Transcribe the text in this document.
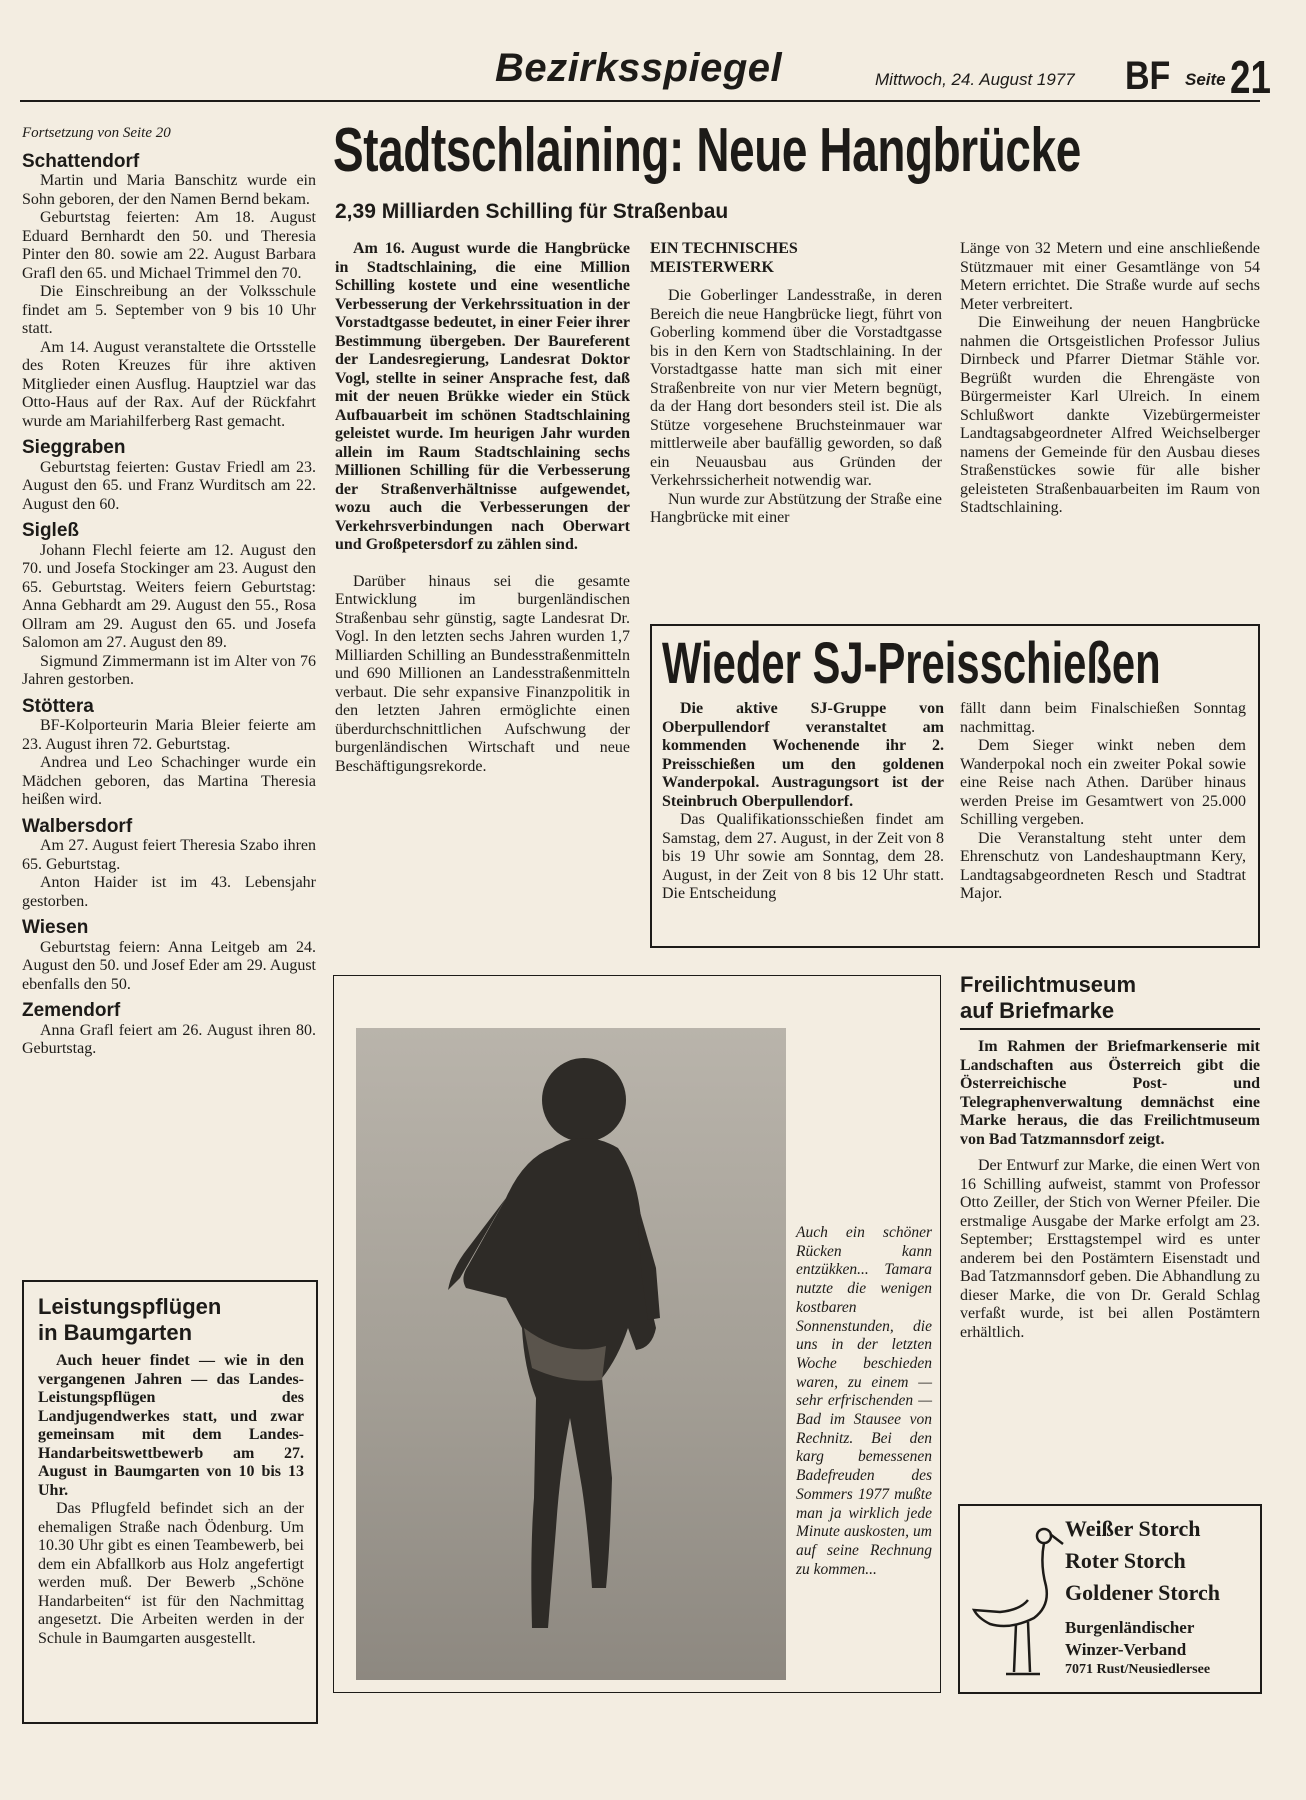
Bezirksspiegel	Mittwoch, 24. August 1977 BF Seite 21
Fortsetzung von Seite 20
Schattendorf

Martin und Maria Banschitz wurde ein Sohn geboren, der den Namen Bernd bekam.

Geburtstag feierten: Am 18. August Eduard Bernhardt den 50. und Theresia Pinter den 80. sowie am 22. August Barbara Grafl den 65. und Michael Trimmel den 70.

Die Einschreibung an der Volksschule findet am 5. September von 9 bis 10 Uhr statt.

Am 14. August veranstaltete die Ortsstelle des Roten Kreuzes für ihre aktiven Mitglieder einen Ausflug. Hauptziel war das Otto-Haus auf der Rax. Auf der Rückfahrt wurde am Mariahilferberg Rast gemacht.

Sieggraben

Geburtstag feierten: Gustav Friedl am 23. August den 65. und Franz Wurditsch am 22. August den 60.

Sigleß

Johann Flechl feierte am 12. August den 70. und Josefa Stockinger am 23. August den 65. Geburtstag. Weiters feiern Geburtstag: Anna Gebhardt am 29. August den 55., Rosa Ollram am 29. August den 65. und Josefa Salomon am 27. August den 89.

Sigmund Zimmermann ist im Alter von 76 Jahren gestorben.

Stöttera

BF-Kolporteurin Maria Bleier feierte am 23. August ihren 72. Geburtstag.

Andrea und Leo Schachinger wurde ein Mädchen geboren, das Martina Theresia heißen wird.

Walbersdorf

Am 27. August feiert Theresia Szabo ihren 65. Geburtstag.

Anton Haider ist im 43. Lebensjahr gestorben.

Wiesen

Geburtstag feiern: Anna Leitgeb am 24. August den 50. und Josef Eder am 29. August ebenfalls den 50.

Zemendorf

Anna Grafl feiert am 26. August ihren 80. Geburtstag.

Leistungspflügen
in Baumgarten

Auch heuer findet — wie in den vergangenen Jahren — das Landes-Leistungspflügen des Landjugendwerkes statt, und zwar gemeinsam mit dem Landes-Handarbeitswettbewerb am 27. August in Baumgarten von 10 bis 13 Uhr.

Das Pflugfeld befindet sich an der ehemaligen Straße nach Ödenburg. Um 10.30 Uhr gibt es einen Teambewerb, bei dem ein Abfallkorb aus Holz angefertigt werden muß. Der Bewerb „Schöne Handarbeiten“ ist für den Nachmittag angesetzt. Die Arbeiten werden in der Schule in Baumgarten ausgestellt.

Stadtschlaining: Neue Hangbrücke
2,39 Milliarden Schilling für Straßenbau

Am 16. August wurde die Hangbrücke in Stadtschlaining, die eine Million Schilling kostete und eine wesentliche Verbesserung der Verkehrssituation in der Vorstadtgasse bedeutet, in einer Feier ihrer Bestimmung übergeben. Der Baureferent der Landesregierung, Landesrat Doktor Vogl, stellte in seiner Ansprache fest, daß mit der neuen Brükke wieder ein Stück Aufbauarbeit im schönen Stadtschlaining geleistet wurde. Im heurigen Jahr wurden allein im Raum Stadtschlaining sechs Millionen Schilling für die Verbesserung der Straßenverhältnisse aufgewendet, wozu auch die Verbesserungen der Verkehrsverbindungen nach Oberwart und Großpetersdorf zu zählen sind.

Darüber hinaus sei die gesamte Entwicklung im burgenländischen Straßenbau sehr günstig, sagte Landesrat Dr. Vogl. In den letzten sechs Jahren wurden 1,7 Milliarden Schilling an Bundesstraßenmitteln und 690 Millionen an Landesstraßenmitteln verbaut. Die sehr expansive Finanzpolitik in den letzten Jahren ermöglichte einen überdurchschnittlichen Aufschwung der burgenländischen Wirtschaft und neue Beschäftigungsrekorde.

EIN TECHNISCHES

MEISTERWERK

Die Goberlinger Landesstraße, in deren Bereich die neue Hangbrücke liegt, führt von Goberling kommend über die Vorstadtgasse bis in den Kern von Stadtschlaining. In der Vorstadtgasse hatte man sich mit einer Straßenbreite von nur vier Metern begnügt, da der Hang dort besonders steil ist. Die als Stütze vorgesehene Bruchsteinmauer war mittlerweile aber baufällig geworden, so daß ein Neuausbau aus Gründen der Verkehrssicherheit notwendig war.

Nun wurde zur Abstützung der Straße eine Hangbrücke mit einer

Länge von 32 Metern und eine anschließende Stützmauer mit einer Gesamtlänge von 54 Metern errichtet. Die Straße wurde auf sechs Meter verbreitert.

Die Einweihung der neuen Hangbrücke nahmen die Ortsgeistlichen Professor Julius Dirnbeck und Pfarrer Dietmar Stähle vor. Begrüßt wurden die Ehrengäste von Bürgermeister Karl Ulreich. In einem Schlußwort dankte Vizebürgermeister Landtagsabgeordneter Alfred Weichselberger namens der Gemeinde für den Ausbau dieses Straßenstückes sowie für alle bisher geleisteten Straßenbauarbeiten im Raum von Stadtschlaining.

Wieder SJ-Preisschießen

Die aktive SJ-Gruppe von Oberpullendorf veranstaltet am kommenden Wochenende ihr 2. Preisschießen um den goldenen Wanderpokal. Austragungsort ist der Steinbruch Oberpullendorf.

Das Qualifikationsschießen findet am Samstag, dem 27. August, in der Zeit von 8 bis 19 Uhr sowie am Sonntag, dem 28. August, in der Zeit von 8 bis 12 Uhr statt. Die Entscheidung

fällt dann beim Finalschießen Sonntag nachmittag.

Dem Sieger winkt neben dem Wanderpokal noch ein zweiter Pokal sowie eine Reise nach Athen. Darüber hinaus werden Preise im Gesamtwert von 25.000 Schilling vergeben.

Die Veranstaltung steht unter dem Ehrenschutz von Landeshauptmann Kery, Landtagsabgeordneten Resch und Stadtrat Major.

Auch ein schöner Rücken kann entzükken... Tamara nutzte die wenigen kostbaren Sonnenstunden, die uns in der letzten Woche beschieden waren, zu einem — sehr erfrischenden — Bad im Stausee von Rechnitz. Bei den karg bemessenen Badefreuden des Sommers 1977 mußte man ja wirklich jede Minute auskosten, um auf seine Rechnung zu kommen...
Freilichtmuseum
auf Briefmarke

Im Rahmen der Briefmarkenserie mit Landschaften aus Österreich gibt die Österreichische Post- und Telegraphenverwaltung demnächst eine Marke heraus, die das Freilichtmuseum von Bad Tatzmannsdorf zeigt.

Der Entwurf zur Marke, die einen Wert von 16 Schilling aufweist, stammt von Professor Otto Zeiller, der Stich von Werner Pfeiler. Die erstmalige Ausgabe der Marke erfolgt am 23. September; Ersttagstempel wird es unter anderem bei den Postämtern Eisenstadt und Bad Tatzmannsdorf geben. Die Abhandlung zu dieser Marke, die von Dr. Gerald Schlag verfaßt wurde, ist bei allen Postämtern erhältlich.

Weißer Storch
Roter Storch
Goldener Storch
Burgenländischer
Winzer-Verband
7071 Rust/Neusiedlersee
